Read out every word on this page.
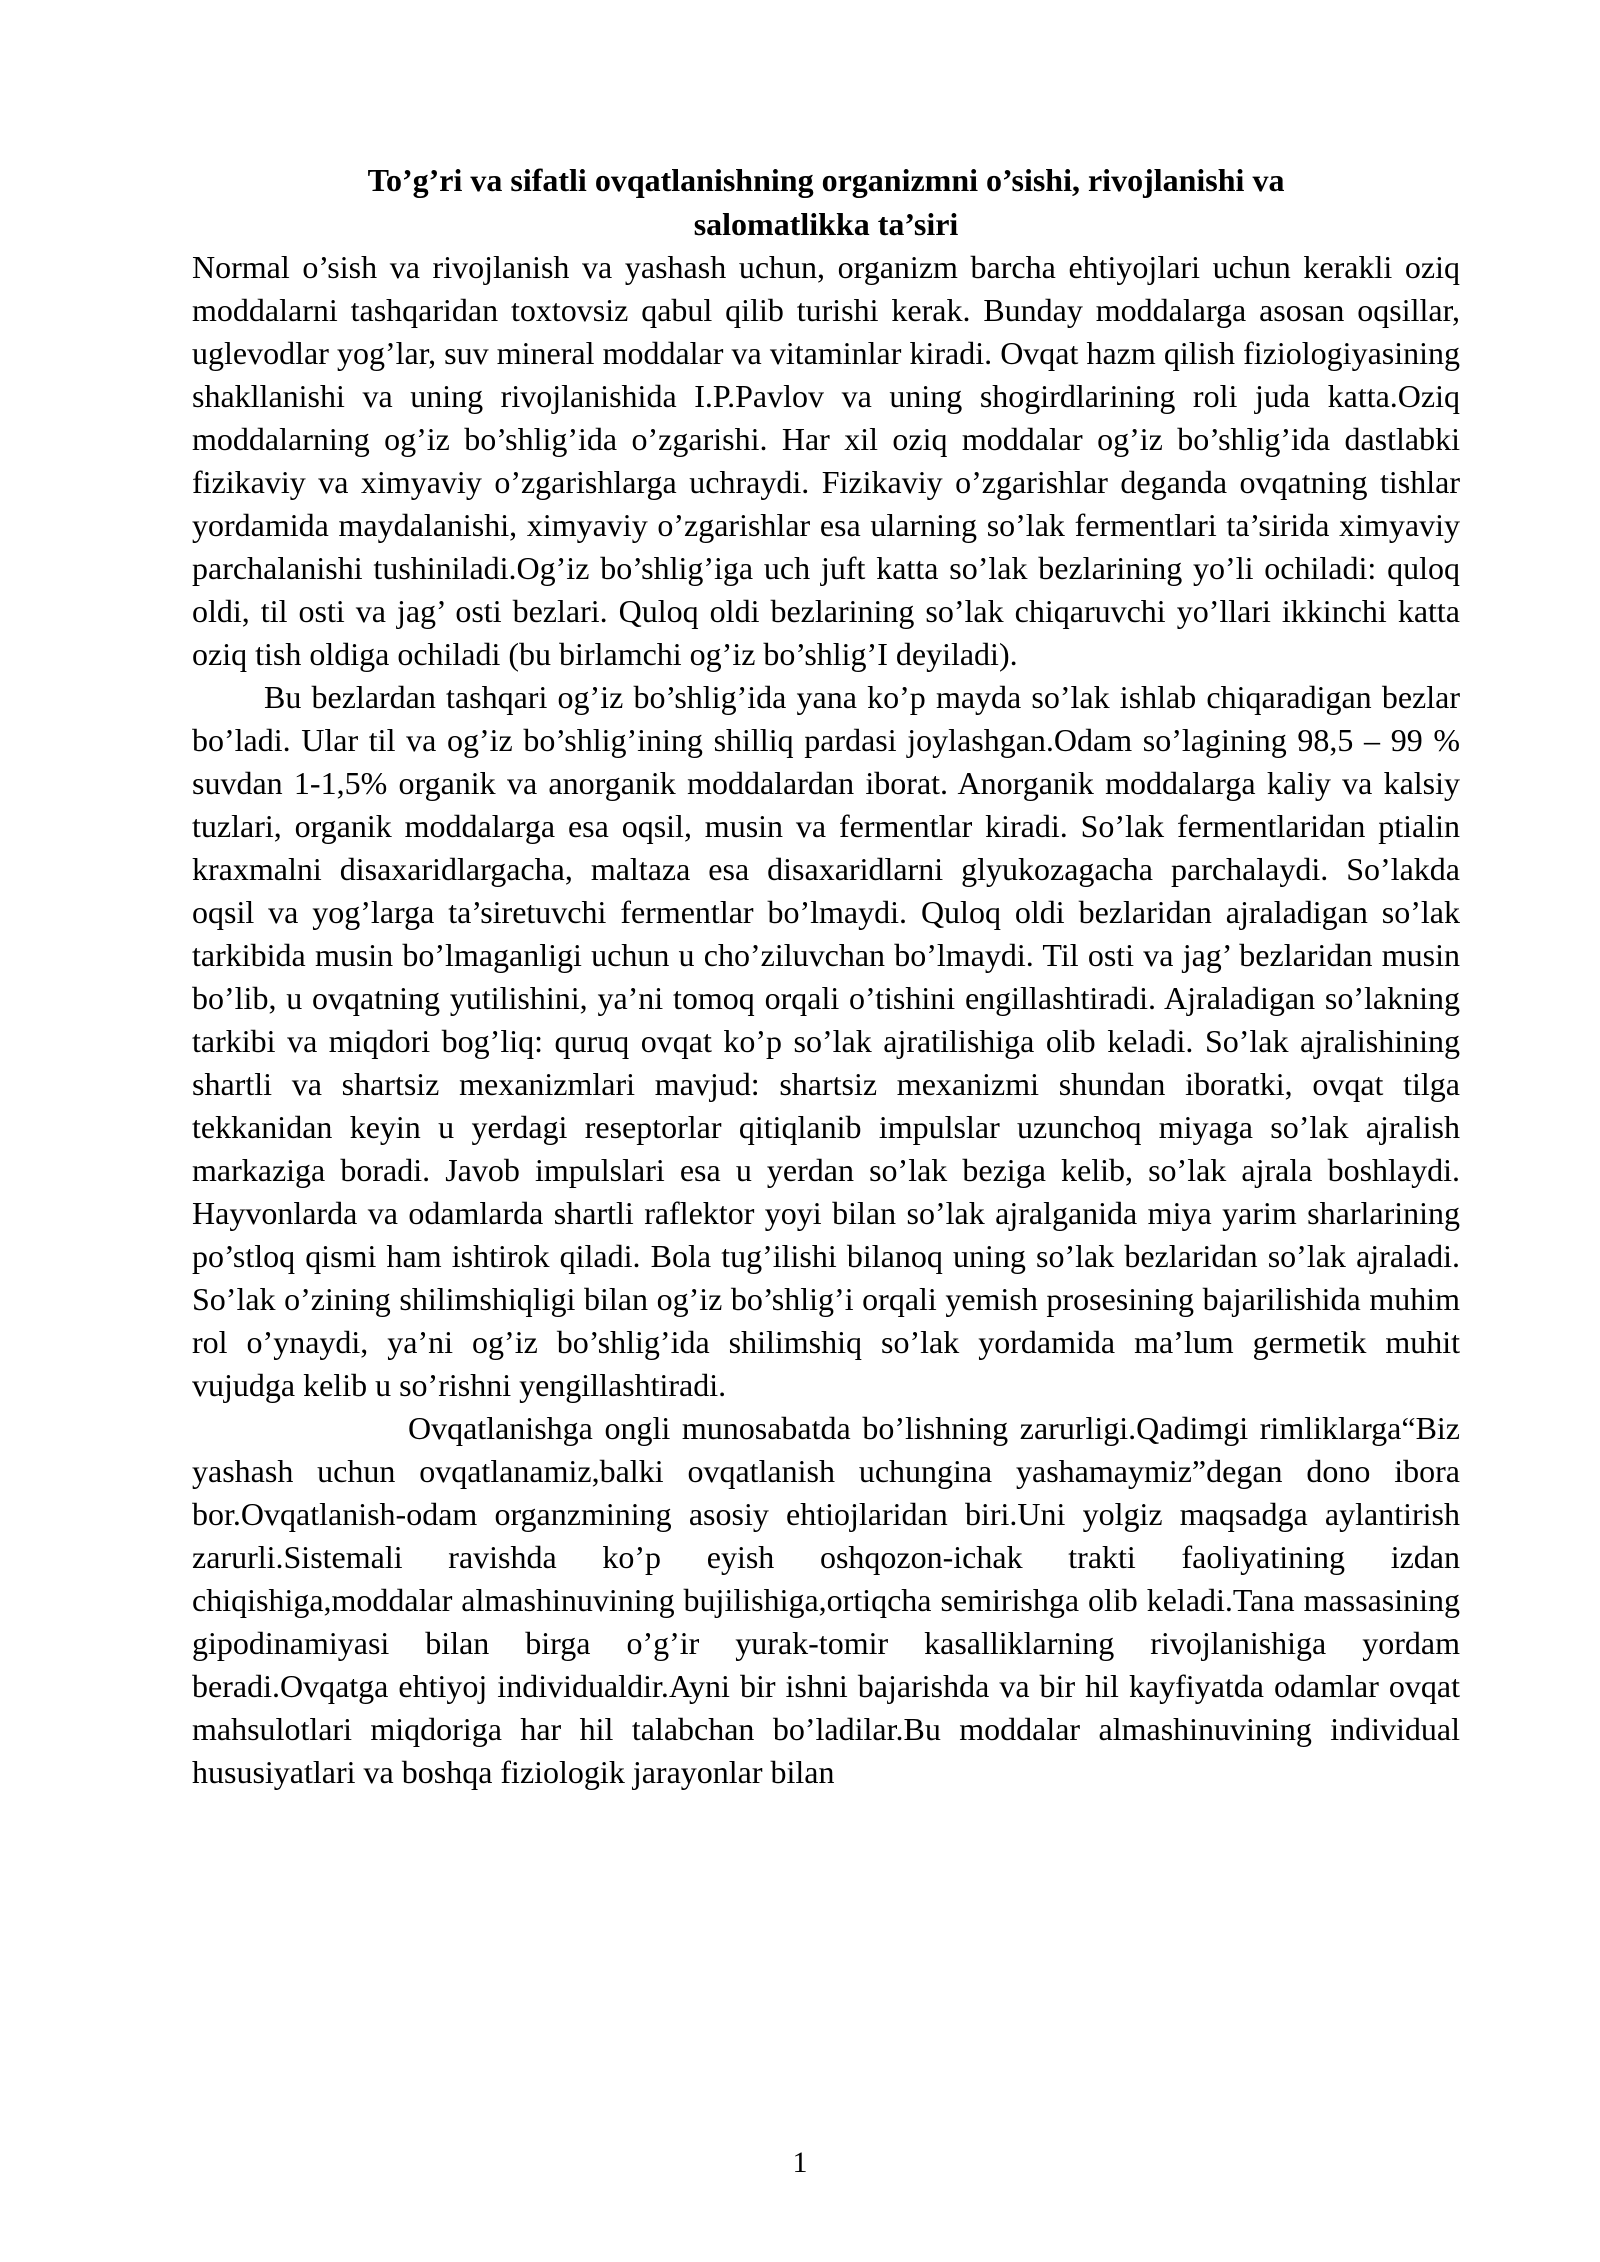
To’g’ri va sifatli ovqatlanishning organizmni o’sishi, rivojlanishi va
salomatlikka ta’siri

Normal o’sish va rivojlanish va yashash uchun, organizm barcha ehtiyojlari uchun kerakli oziq moddalarni tashqaridan toxtovsiz qabul qilib turishi kerak. Bunday moddalarga asosan oqsillar, uglevodlar yog’lar, suv mineral moddalar va vitaminlar kiradi. Ovqat hazm qilish fiziologiyasining shakllanishi va uning rivojlanishida I.P.Pavlov va uning shogirdlarining roli juda katta.Oziq moddalarning og’iz bo’shlig’ida o’zgarishi. Har xil oziq moddalar og’iz bo’shlig’ida dastlabki fizikaviy va ximyaviy o’zgarishlarga uchraydi. Fizikaviy o’zgarishlar deganda ovqatning tishlar yordamida maydalanishi, ximyaviy o’zgarishlar esa ularning so’lak fermentlari ta’sirida ximyaviy parchalanishi tushiniladi.Og’iz bo’shlig’iga uch juft katta so’lak bezlarining yo’li ochiladi: quloq oldi, til osti va jag’ osti bezlari. Quloq oldi bezlarining so’lak chiqaruvchi yo’llari ikkinchi katta oziq tish oldiga ochiladi (bu birlamchi og’iz bo’shlig’I deyiladi).

Bu bezlardan tashqari og’iz bo’shlig’ida yana ko’p mayda so’lak ishlab chiqaradigan bezlar bo’ladi. Ular til va og’iz bo’shlig’ining shilliq pardasi joylashgan.Odam so’lagining 98,5 – 99 % suvdan 1-1,5% organik va anorganik moddalardan iborat. Anorganik moddalarga kaliy va kalsiy tuzlari, organik moddalarga esa oqsil, musin va fermentlar kiradi. So’lak fermentlaridan ptialin kraxmalni disaxaridlargacha, maltaza esa disaxaridlarni glyukozagacha parchalaydi. So’lakda oqsil va yog’larga ta’siretuvchi fermentlar bo’lmaydi. Quloq oldi bezlaridan ajraladigan so’lak tarkibida musin bo’lmaganligi uchun u cho’ziluvchan bo’lmaydi. Til osti va jag’ bezlaridan musin bo’lib, u ovqatning yutilishini, ya’ni tomoq orqali o’tishini engillashtiradi. Ajraladigan so’lakning tarkibi va miqdori bog’liq: quruq ovqat ko’p so’lak ajratilishiga olib keladi. So’lak ajralishining shartli va shartsiz mexanizmlari mavjud: shartsiz mexanizmi shundan iboratki, ovqat tilga tekkanidan keyin u yerdagi reseptorlar qitiqlanib impulslar uzunchoq miyaga so’lak ajralish markaziga boradi. Javob impulslari esa u yerdan so’lak beziga kelib, so’lak ajrala boshlaydi. Hayvonlarda va odamlarda shartli raflektor yoyi bilan so’lak ajralganida miya yarim sharlarining po’stloq qismi ham ishtirok qiladi. Bola tug’ilishi bilanoq uning so’lak bezlaridan so’lak ajraladi. So’lak o’zining shilimshiqligi bilan og’iz bo’shlig’i orqali yemish prosesining bajarilishida muhim rol o’ynaydi, ya’ni og’iz bo’shlig’ida shilimshiq so’lak yordamida ma’lum germetik muhit vujudga kelib u so’rishni yengillashtiradi.

Ovqatlanishga ongli munosabatda bo’lishning zarurligi.Qadimgi rimliklarga“Biz yashash uchun ovqatlanamiz,balki ovqatlanish uchungina yashamaymiz”degan dono ibora bor.Ovqatlanish-odam organzmining asosiy ehtiojlaridan biri.Uni yolgiz maqsadga aylantirish zarurli.Sistemali ravishda ko’p eyish oshqozon-ichak trakti faoliyatining izdan chiqishiga,moddalar almashinuvining bujilishiga,ortiqcha semirishga olib keladi.Tana massasining gipodinamiyasi bilan birga o’g’ir yurak-tomir kasalliklarning rivojlanishiga yordam beradi.Ovqatga ehtiyoj individualdir.Ayni bir ishni bajarishda va bir hil kayfiyatda odamlar ovqat mahsulotlari miqdoriga har hil talabchan bo’ladilar.Bu moddalar almashinuvining individual hususiyatlari va boshqa fiziologik jarayonlar bilan

1
